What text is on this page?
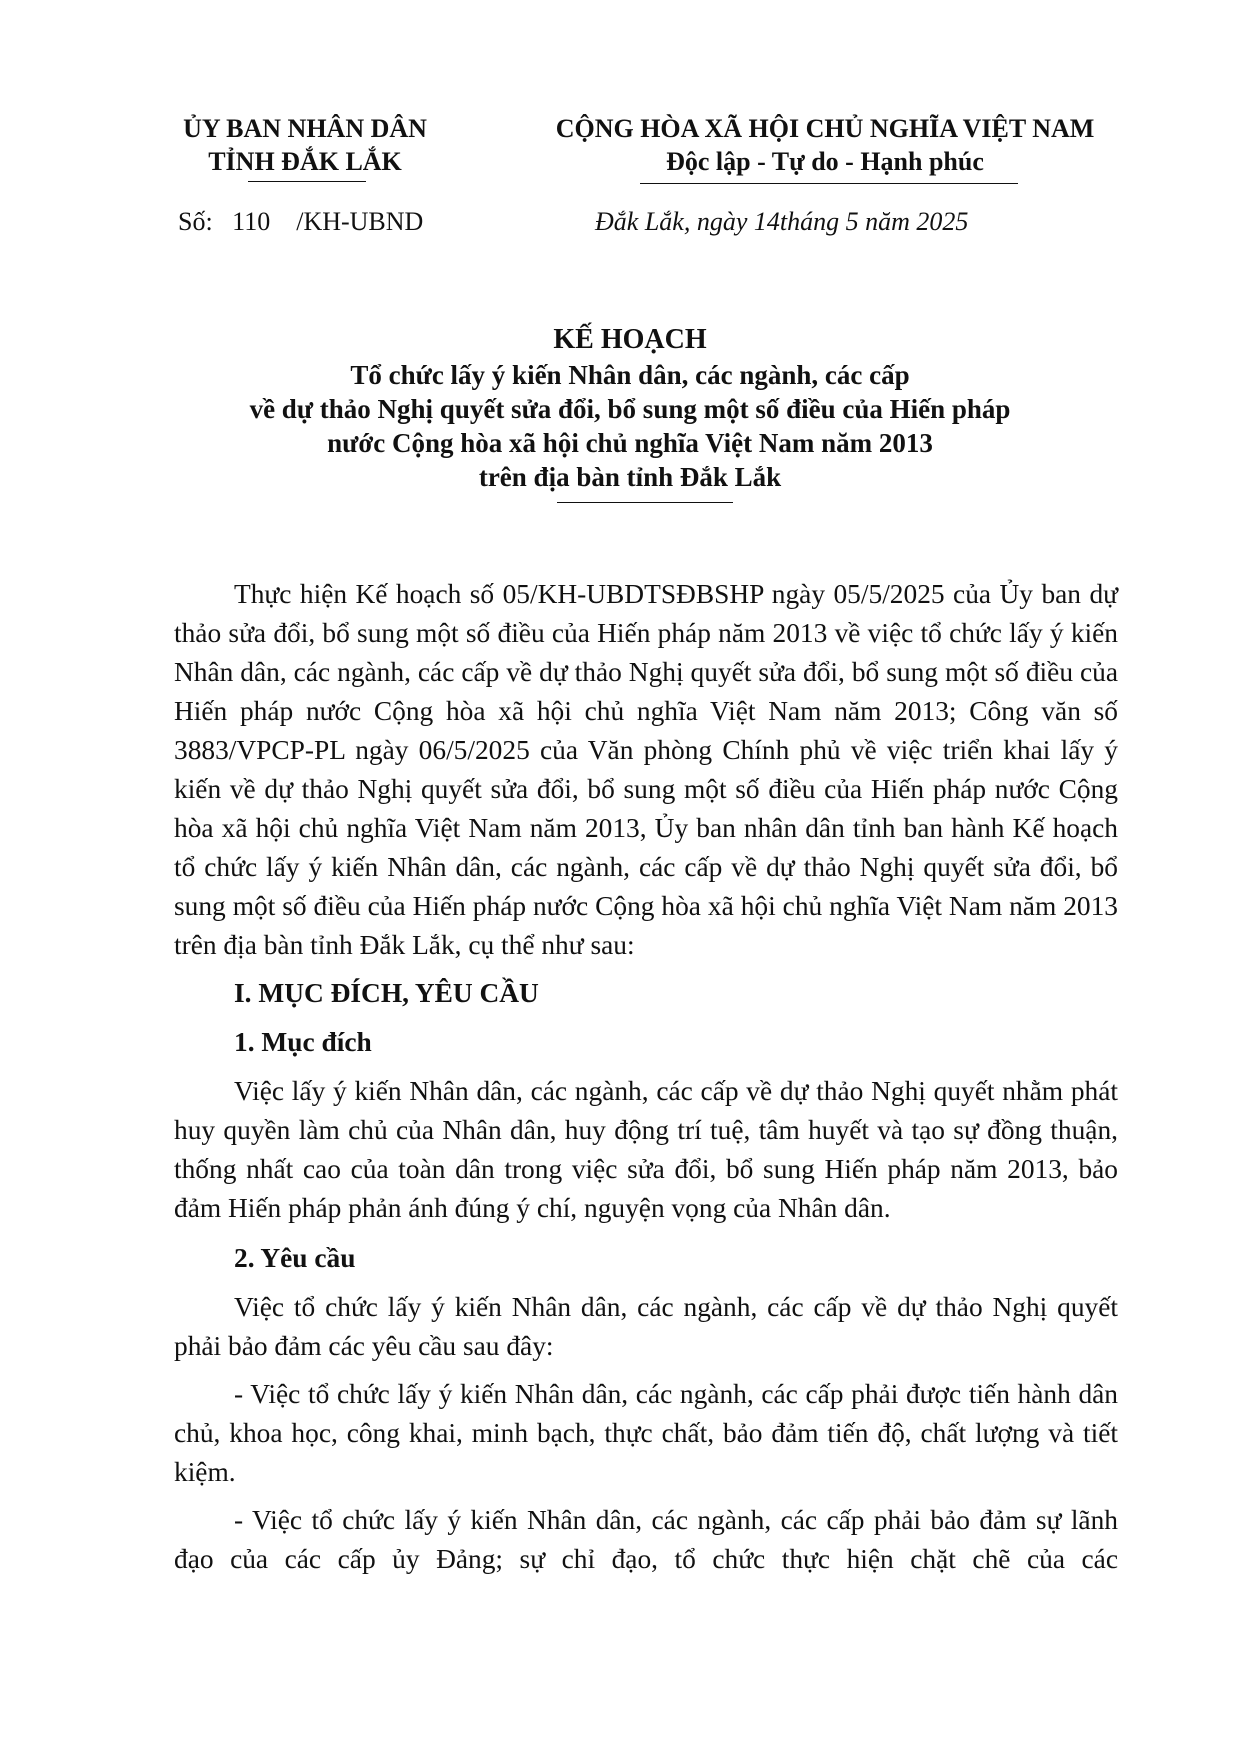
ỦY BAN NHÂN DÂN
TỈNH ĐẮK LẮK
Số:   110    /KH-UBND
CỘNG HÒA XÃ HỘI CHỦ NGHĨA VIỆT NAM
Độc lập - Tự do - Hạnh phúc
Đắk Lắk, ngày 14tháng 5 năm 2025
KẾ HOẠCH
Tổ chức lấy ý kiến Nhân dân, các ngành, các cấp
về dự thảo Nghị quyết sửa đổi, bổ sung một số điều của Hiến pháp
nước Cộng hòa xã hội chủ nghĩa Việt Nam năm 2013
trên địa bàn tỉnh Đắk Lắk

Thực hiện Kế hoạch số 05/KH-UBDTSĐBSHP ngày 05/5/2025 của Ủy ban dự thảo sửa đổi, bổ sung một số điều của Hiến pháp năm 2013 về việc tổ chức lấy ý kiến Nhân dân, các ngành, các cấp về dự thảo Nghị quyết sửa đổi, bổ sung một số điều của Hiến pháp nước Cộng hòa xã hội chủ nghĩa Việt Nam năm 2013; Công văn số 3883/VPCP-PL ngày 06/5/2025 của Văn phòng Chính phủ về việc triển khai lấy ý kiến về dự thảo Nghị quyết sửa đổi, bổ sung một số điều của Hiến pháp nước Cộng hòa xã hội chủ nghĩa Việt Nam năm 2013, Ủy ban nhân dân tỉnh ban hành Kế hoạch tổ chức lấy ý kiến Nhân dân, các ngành, các cấp về dự thảo Nghị quyết sửa đổi, bổ sung một số điều của Hiến pháp nước Cộng hòa xã hội chủ nghĩa Việt Nam năm 2013 trên địa bàn tỉnh Đắk Lắk, cụ thể như sau:

I. MỤC ĐÍCH, YÊU CẦU

1. Mục đích

Việc lấy ý kiến Nhân dân, các ngành, các cấp về dự thảo Nghị quyết nhằm phát huy quyền làm chủ của Nhân dân, huy động trí tuệ, tâm huyết và tạo sự đồng thuận, thống nhất cao của toàn dân trong việc sửa đổi, bổ sung Hiến pháp năm 2013, bảo đảm Hiến pháp phản ánh đúng ý chí, nguyện vọng của Nhân dân.

2. Yêu cầu

Việc tổ chức lấy ý kiến Nhân dân, các ngành, các cấp về dự thảo Nghị quyết phải bảo đảm các yêu cầu sau đây:

- Việc tổ chức lấy ý kiến Nhân dân, các ngành, các cấp phải được tiến hành dân chủ, khoa học, công khai, minh bạch, thực chất, bảo đảm tiến độ, chất lượng và tiết kiệm.

- Việc tổ chức lấy ý kiến Nhân dân, các ngành, các cấp phải bảo đảm sự lãnh đạo của các cấp ủy Đảng; sự chỉ đạo, tổ chức thực hiện chặt chẽ của các
